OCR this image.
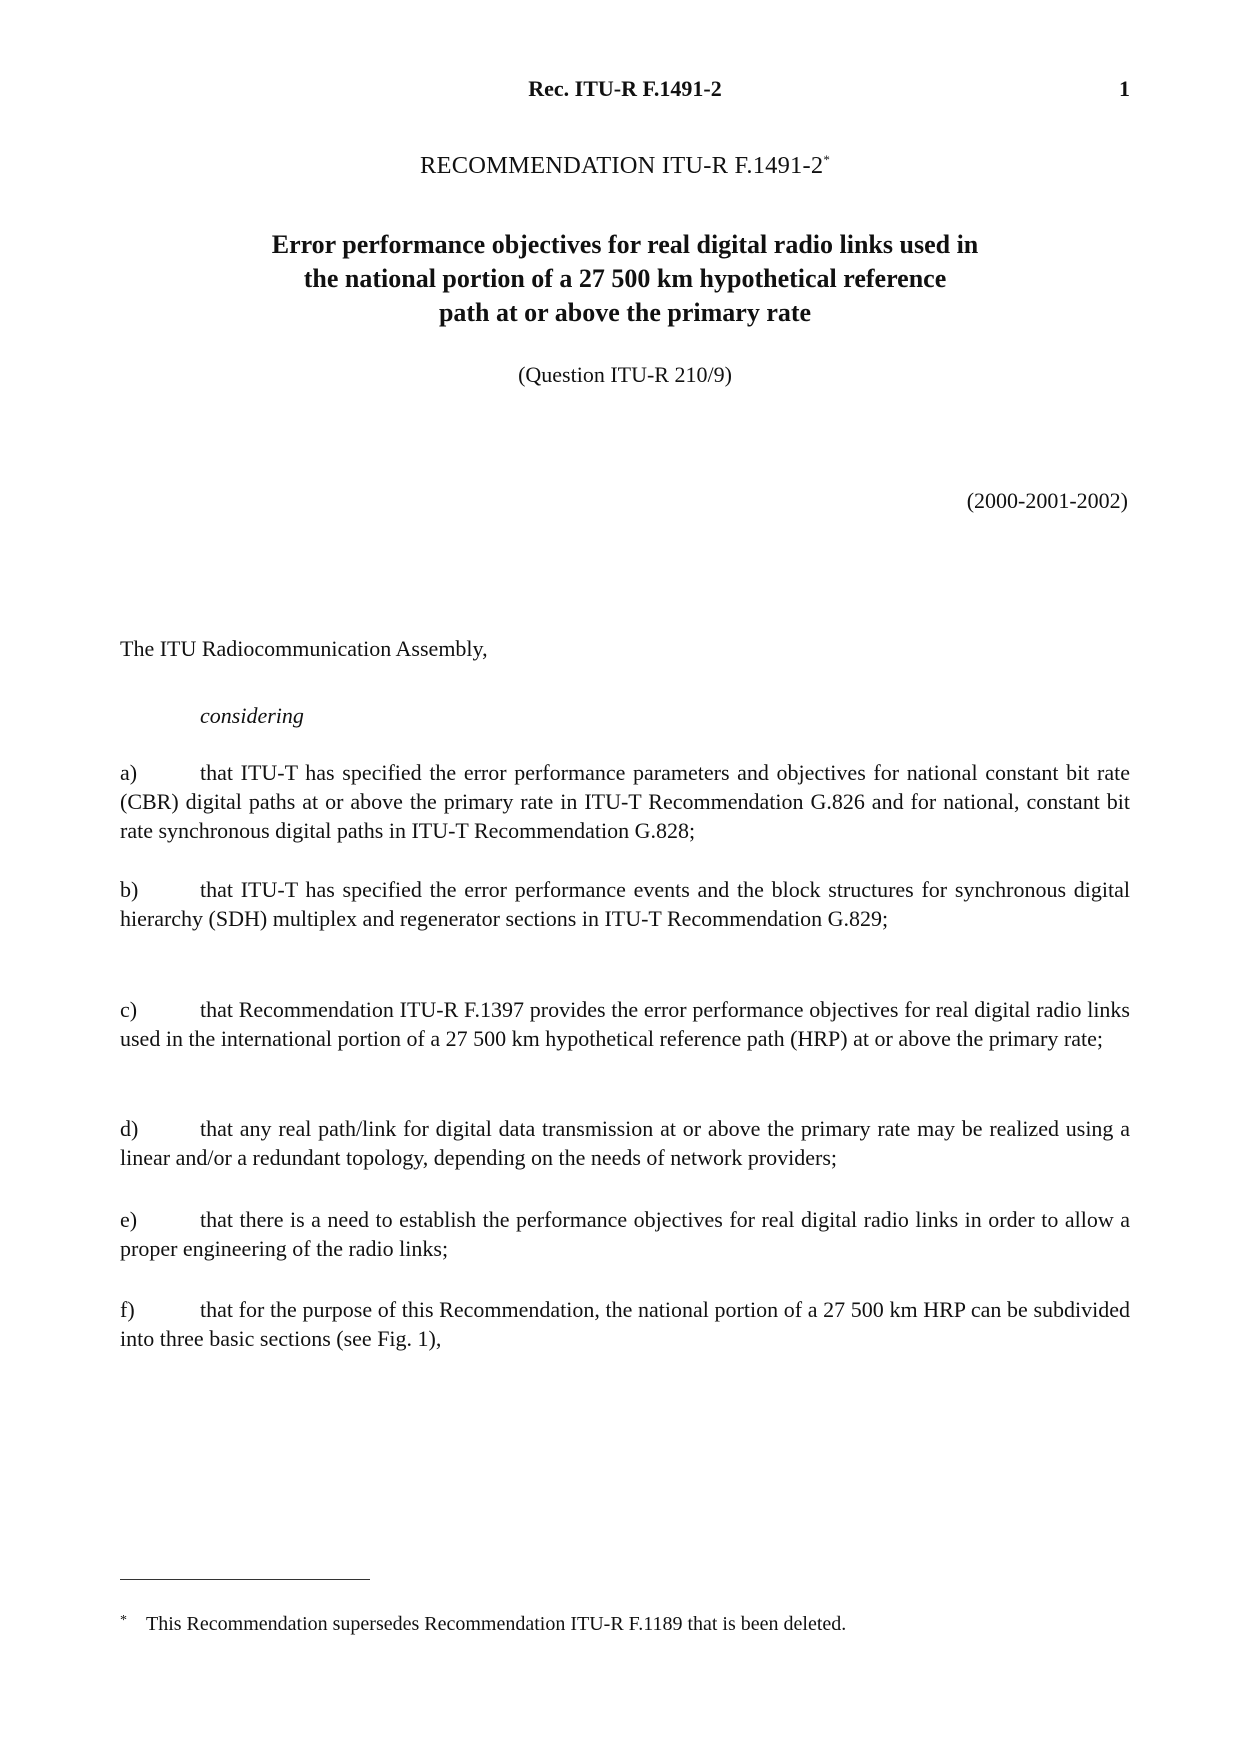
Rec. ITU-R F.1491-2	1
RECOMMENDATION ITU-R F.1491-2*
Error performance objectives for real digital radio links used in
the national portion of a 27 500 km hypothetical reference
path at or above the primary rate
(Question ITU-R 210/9)
(2000-2001-2002)
The ITU Radiocommunication Assembly,
considering
a)	that ITU-T has specified the error performance parameters and objectives for national constant bit rate (CBR) digital paths at or above the primary rate in ITU-T Recommendation G.826 and for national, constant bit rate synchronous digital paths in ITU-T Recommendation G.828;
b)	that ITU-T has specified the error performance events and the block structures for synchronous digital hierarchy (SDH) multiplex and regenerator sections in ITU-T Recommendation G.829;
c)	that Recommendation ITU-R F.1397 provides the error performance objectives for real digital radio links used in the international portion of a 27 500 km hypothetical reference path (HRP) at or above the primary rate;
d)	that any real path/link for digital data transmission at or above the primary rate may be realized using a linear and/or a redundant topology, depending on the needs of network providers;
e)	that there is a need to establish the performance objectives for real digital radio links in order to allow a proper engineering of the radio links;
f)	that for the purpose of this Recommendation, the national portion of a 27 500 km HRP can be subdivided into three basic sections (see Fig. 1),
* This Recommendation supersedes Recommendation ITU-R F.1189 that is been deleted.
